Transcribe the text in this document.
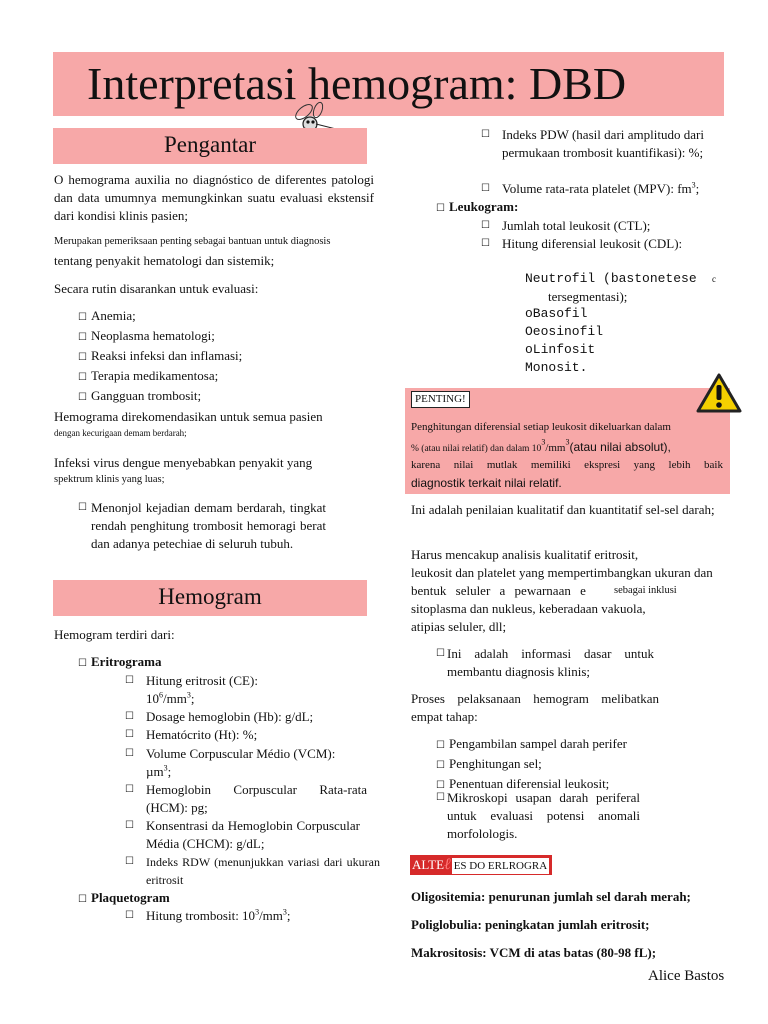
Interpretasi hemogram: DBD
Pengantar
O hemograma auxilia no diagnóstico de diferentes patologi dan data umumnya memungkinkan suatu evaluasi ekstensif dari kondisi klinis pasien;
Merupakan pemeriksaan penting sebagai bantuan untuk diagnosis
tentang penyakit hematologi dan sistemik;
Secara rutin disarankan untuk evaluasi:
☐ Anemia;
☐ Neoplasma hematologi;
☐ Reaksi infeksi dan inflamasi;
☐ Terapia medikamentosa;
☐ Gangguan trombosit;
Hemograma direkomendasikan untuk semua pasien
dengan kecurigaan demam berdarah;
Infeksi virus dengue menyebabkan penyakit yang
spektrum klinis yang luas;
☐ Menonjol kejadian demam berdarah, tingkat rendah penghitung trombosit hemoragi berat dan adanya petechiae di seluruh tubuh.
Hemogram
Hemogram terdiri dari:
☐ Eritrograma
☐ Hitung eritrosit (CE):
$10^6/mm^3$;
☐ Dosage hemoglobin (Hb): g/dL;
☐ Hematócrito (Ht): %;
☐ Volume Corpuscular Médio (VCM):
µm$^3$;
☐ Hemoglobin Corpuscular Rata-rata (HCM): pg;
☐ Konsentrasi da Hemoglobin Corpuscular Média (CHCM): g/dL;
☐ Indeks RDW (menunjukkan variasi dari ukuran eritrosit
☐ Plaquetogram
☐ Hitung trombosit: $10^3/mm^3$;
☐ Indeks PDW (hasil dari amplitudo dari permukaan trombosit kuantifikasi): %;
☐ Volume rata-rata platelet (MPV): $fm^3$;
☐ Leukogram:
☐ Jumlah total leukosit (CTL);
☐ Hitung diferensial leukosit (CDL):
Neutrofil (bastonetese c
tersegmentasi);
oBasofil
Oeosinofil
oLinfosit
Monosit.
PENTING!
Penghitungan diferensial setiap leukosit dikeluarkan dalam
% (atau nilai relatif) dan dalam $10^3/mm^3(atau$ nilai absolut),
karena nilai mutlak memiliki ekspresi yang lebih baik
diagnostik terkait nilai relatif.
Ini adalah penilaian kualitatif dan kuantitatif sel-sel darah;
Harus mencakup analisis kualitatif eritrosit,
leukosit dan platelet yang mempertimbangkan ukuran dan
bentuk seluler a pewarnaan e	sebagai inklusi
sitoplasma dan nukleus, keberadaan vakuola,
atipias seluler, dll;
☐ Ini adalah informasi dasar untuk membantu diagnosis klinis;
Proses pelaksanaan hemogram melibatkan empat tahap:
☐ Pengambilan sampel darah perifer
☐ Penghitungan sel;
☐ Penentuan diferensial leukosit;
☐ Mikroskopi usapan darah periferal untuk evaluasi potensi anomali morfolologis.
$^{ALTE}$ℓ ES DO ERLROGRA
Oligositemia: penurunan jumlah sel darah merah;
Poliglobulia: peningkatan jumlah eritrosit;
Makrositosis: VCM di atas batas (80-98 fL);
Alice Bastos
